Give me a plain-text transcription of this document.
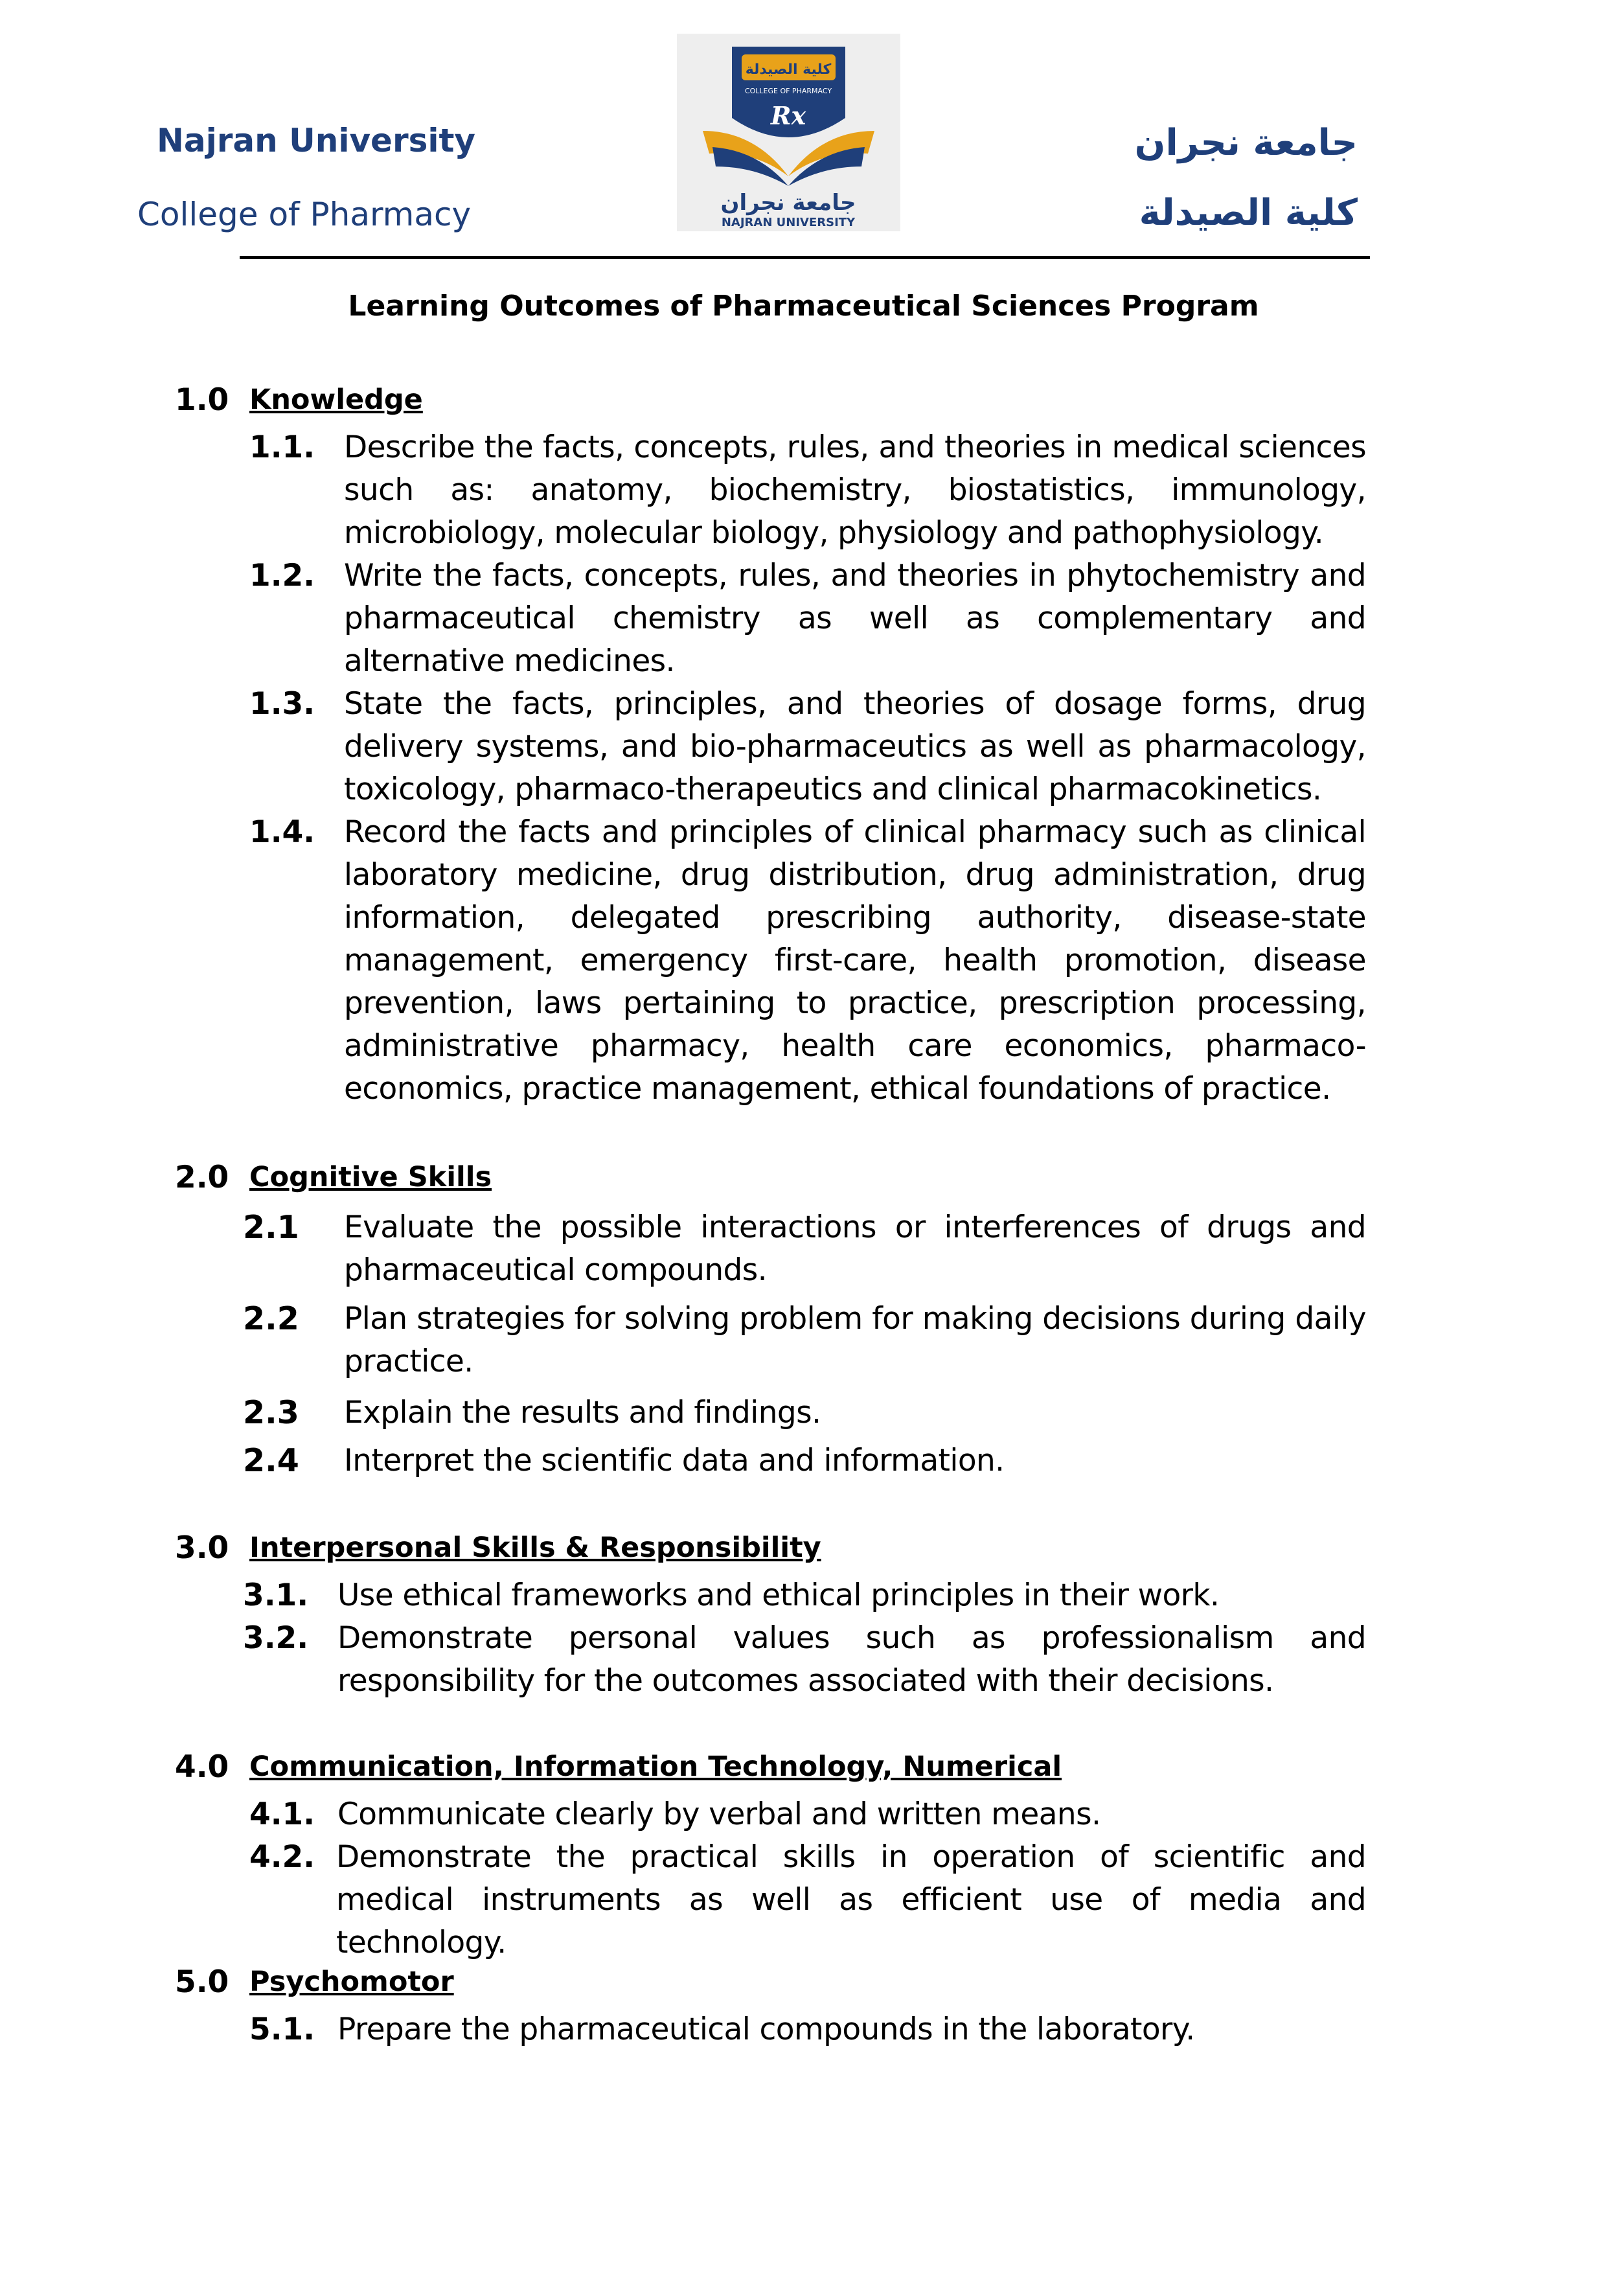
Najran University
College of Pharmacy
جامعة نجران
كلية الصيدلة
كلية الصيدلة
COLLEGE OF PHARMACY
Rx
جامعة نجران
NAJRAN UNIVERSITY
Learning Outcomes of Pharmaceutical Sciences Program
1.0 Knowledge
1.1. Describe the facts, concepts, rules, and theories in medical sciences such as: anatomy, biochemistry, biostatistics, immunology, microbiology, molecular biology, physiology and pathophysiology.
1.2. Write the facts, concepts, rules, and theories in phytochemistry and pharmaceutical chemistry as well as complementary and alternative medicines.
1.3. State the facts, principles, and theories of dosage forms, drug delivery systems, and bio-pharmaceutics as well as pharmacology, toxicology, pharmaco-therapeutics and clinical pharmacokinetics.
1.4. Record the facts and principles of clinical pharmacy such as clinical laboratory medicine, drug distribution, drug administration, drug information, delegated prescribing authority, disease-state management, emergency first-care, health promotion, disease prevention, laws pertaining to practice, prescription processing, administrative pharmacy, health care economics, pharmaco-economics, practice management, ethical foundations of practice.
2.0 Cognitive Skills
2.1 Evaluate the possible interactions or interferences of drugs and pharmaceutical compounds.
2.2 Plan strategies for solving problem for making decisions during daily practice.
2.3 Explain the results and findings.
2.4 Interpret the scientific data and information.
3.0 Interpersonal Skills & Responsibility
3.1. Use ethical frameworks and ethical principles in their work.
3.2. Demonstrate personal values such as professionalism and responsibility for the outcomes associated with their decisions.
4.0 Communication, Information Technology, Numerical
4.1. Communicate clearly by verbal and written means.
4.2. Demonstrate the practical skills in operation of scientific and medical instruments as well as efficient use of media and technology.
5.0 Psychomotor
5.1. Prepare the pharmaceutical compounds in the laboratory.
